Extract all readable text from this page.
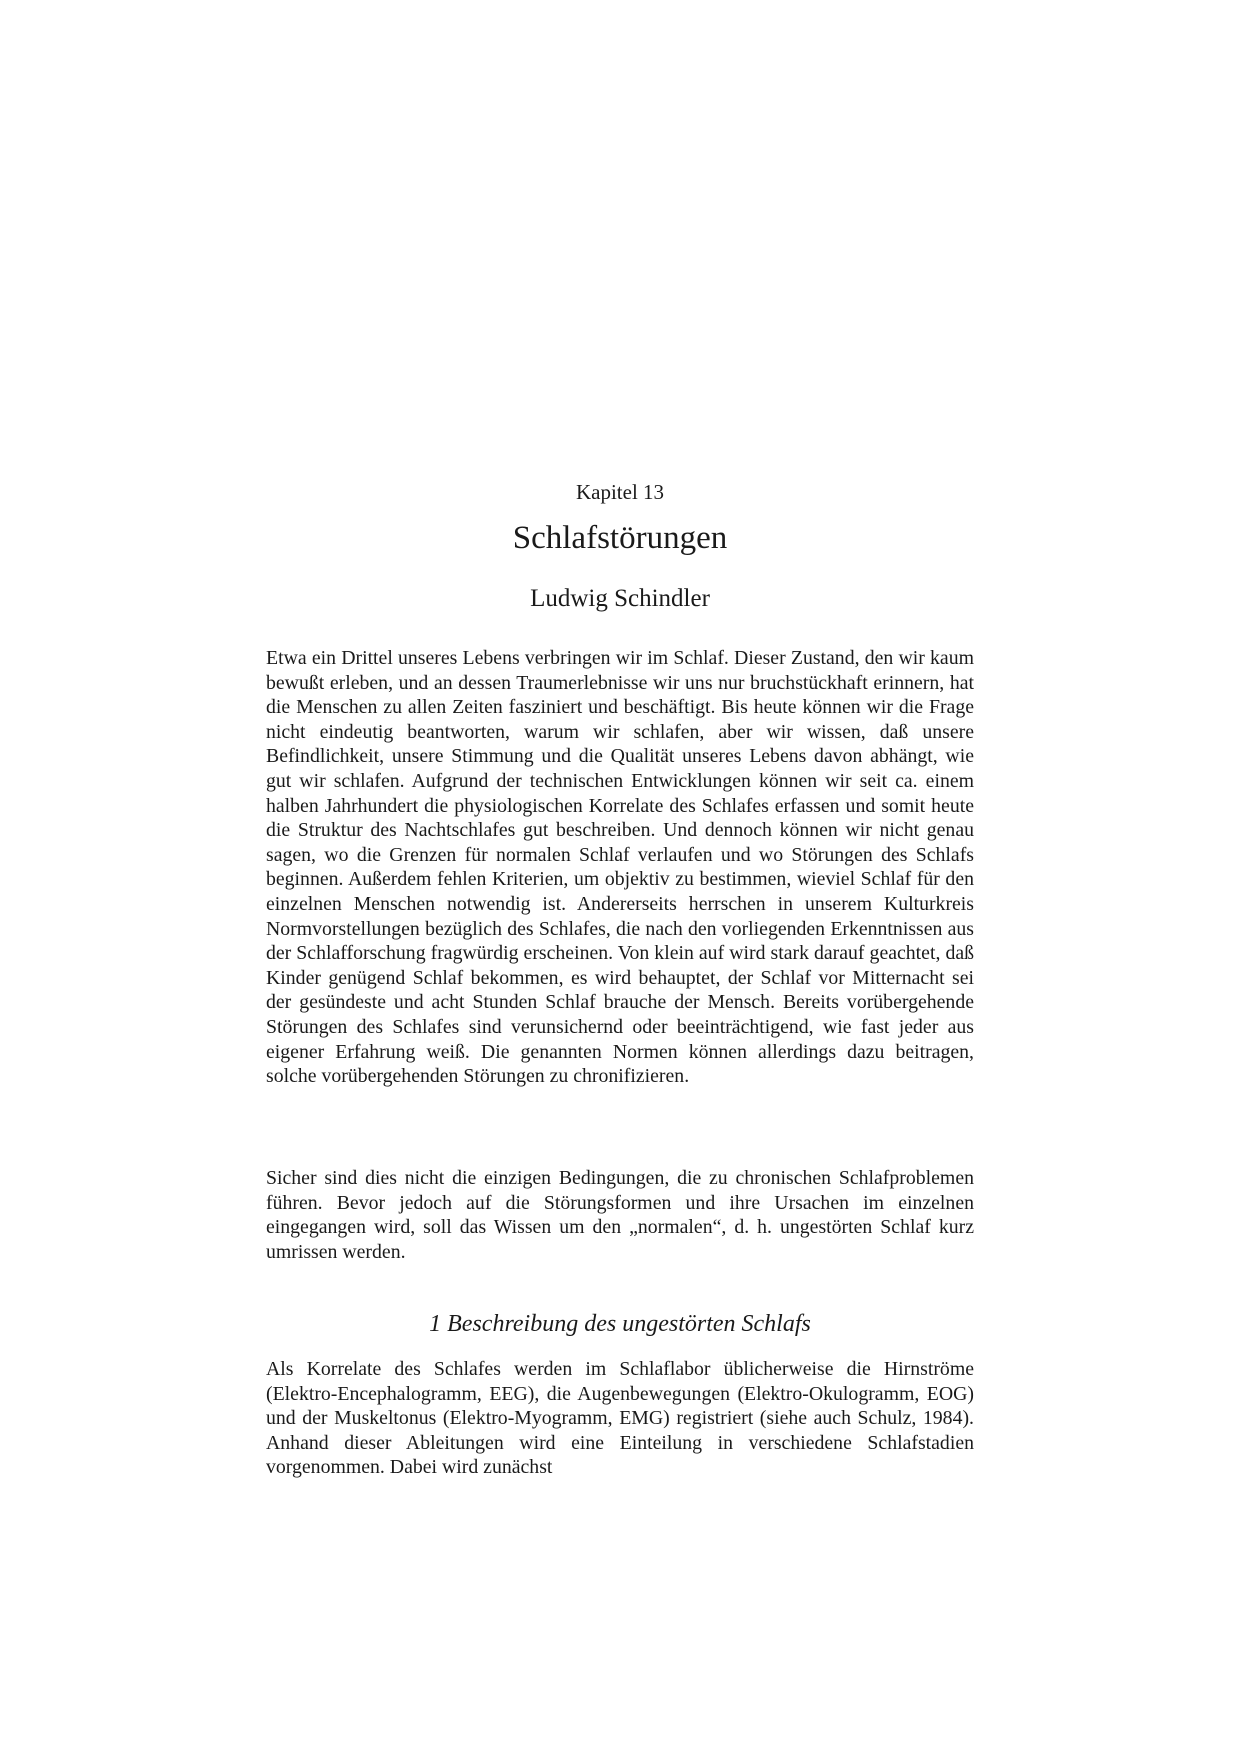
Kapitel 13
Schlafstörungen
Ludwig Schindler

Etwa ein Drittel unseres Lebens verbringen wir im Schlaf. Dieser Zustand, den wir kaum bewußt erleben, und an dessen Traumerlebnisse wir uns nur bruchstückhaft erinnern, hat die Menschen zu allen Zeiten fasziniert und beschäftigt. Bis heute können wir die Frage nicht eindeutig beantworten, warum wir schlafen, aber wir wissen, daß unsere Befindlichkeit, unsere Stimmung und die Qualität unseres Lebens davon abhängt, wie gut wir schlafen. Aufgrund der technischen Entwicklungen können wir seit ca. einem halben Jahrhundert die physiologischen Korrelate des Schlafes erfassen und somit heute die Struktur des Nachtschlafes gut beschreiben. Und dennoch können wir nicht genau sagen, wo die Grenzen für normalen Schlaf verlaufen und wo Störungen des Schlafs beginnen. Außerdem fehlen Kriterien, um objektiv zu bestimmen, wieviel Schlaf für den einzelnen Menschen notwendig ist. Andererseits herrschen in unserem Kulturkreis Normvorstellungen bezüglich des Schlafes, die nach den vorliegenden Erkenntnissen aus der Schlafforschung fragwürdig erscheinen. Von klein auf wird stark darauf geachtet, daß Kinder genügend Schlaf bekommen, es wird behauptet, der Schlaf vor Mitternacht sei der gesündeste und acht Stunden Schlaf brauche der Mensch. Bereits vorübergehende Störungen des Schlafes sind verunsichernd oder beeinträchtigend, wie fast jeder aus eigener Erfahrung weiß. Die genannten Normen können allerdings dazu beitragen, solche vorübergehenden Störungen zu chronifizieren.

Sicher sind dies nicht die einzigen Bedingungen, die zu chronischen Schlafproblemen führen. Bevor jedoch auf die Störungsformen und ihre Ursachen im einzelnen eingegangen wird, soll das Wissen um den „normalen“, d. h. ungestörten Schlaf kurz umrissen werden.

1 Beschreibung des ungestörten Schlafs

Als Korrelate des Schlafes werden im Schlaflabor üblicherweise die Hirnströme (Elektro-Encephalogramm, EEG), die Augenbewegungen (Elektro-Okulogramm, EOG) und der Muskeltonus (Elektro-Myogramm, EMG) registriert (siehe auch Schulz, 1984). Anhand dieser Ableitungen wird eine Einteilung in verschiedene Schlafstadien vorgenommen. Dabei wird zunächst
